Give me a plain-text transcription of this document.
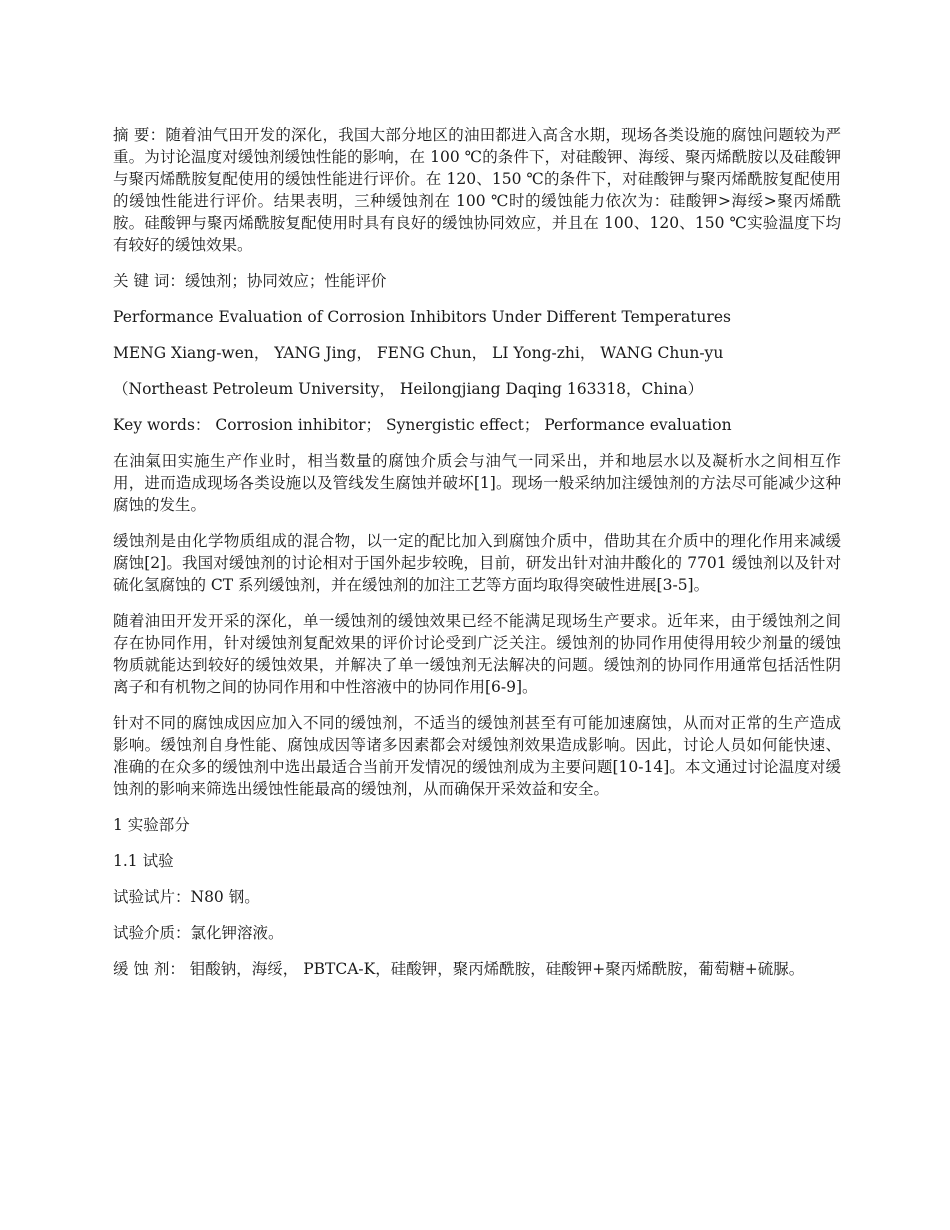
摘 要：随着油气田开发的深化，我国大部分地区的油田都进入高含水期，现场各类设施的腐蚀问题较为严重。为讨论温度对缓蚀剂缓蚀性能的影响，在 100 ℃的条件下，对硅酸钾、海绥、聚丙烯酰胺以及硅酸钾与聚丙烯酰胺复配使用的缓蚀性能进行评价。在 120、150 ℃的条件下，对硅酸钾与聚丙烯酰胺复配使用的缓蚀性能进行评价。结果表明，三种缓蚀剂在 100 ℃时的缓蚀能力依次为：硅酸钾>海绥>聚丙烯酰胺。硅酸钾与聚丙烯酰胺复配使用时具有良好的缓蚀协同效应，并且在 100、120、150 ℃实验温度下均有较好的缓蚀效果。

关 键 词：缓蚀剂；协同效应；性能评价

Performance Evaluation of Corrosion Inhibitors Under Different Temperatures

MENG Xiang-wen， YANG Jing， FENG Chun， LI Yong-zhi， WANG Chun-yu

（Northeast Petroleum University， Heilongjiang Daqing 163318，China）

Key words： Corrosion inhibitor； Synergistic effect； Performance evaluation

在油氣田实施生产作业时，相当数量的腐蚀介质会与油气一同采出，并和地层水以及凝析水之间相互作用，进而造成现场各类设施以及管线发生腐蚀并破坏[1]。现场一般采纳加注缓蚀剂的方法尽可能减少这种腐蚀的发生。

缓蚀剂是由化学物质组成的混合物，以一定的配比加入到腐蚀介质中，借助其在介质中的理化作用来减缓腐蚀[2]。我国对缓蚀剂的讨论相对于国外起步较晚，目前，研发出针对油井酸化的 7701 缓蚀剂以及针对硫化氢腐蚀的 CT 系列缓蚀剂，并在缓蚀剂的加注工艺等方面均取得突破性进展[3-5]。

随着油田开发开采的深化，单一缓蚀剂的缓蚀效果已经不能满足现场生产要求。近年来，由于缓蚀剂之间存在协同作用，针对缓蚀剂复配效果的评价讨论受到广泛关注。缓蚀剂的协同作用使得用较少剂量的缓蚀物质就能达到较好的缓蚀效果，并解决了单一缓蚀剂无法解决的问题。缓蚀剂的协同作用通常包括活性阴离子和有机物之间的协同作用和中性溶液中的协同作用[6-9]。

针对不同的腐蚀成因应加入不同的缓蚀剂，不适当的缓蚀剂甚至有可能加速腐蚀，从而对正常的生产造成影响。缓蚀剂自身性能、腐蚀成因等诸多因素都会对缓蚀剂效果造成影响。因此，讨论人员如何能快速、准确的在众多的缓蚀剂中选出最适合当前开发情况的缓蚀剂成为主要问题[10-14]。本文通过讨论温度对缓蚀剂的影响来筛选出缓蚀性能最高的缓蚀剂，从而确保开采效益和安全。

1 实验部分

1.1 试验

试验试片：N80 钢。

试验介质：氯化钾溶液。

缓 蚀 剂： 钼酸钠，海绥， PBTCA-K，硅酸钾，聚丙烯酰胺，硅酸钾+聚丙烯酰胺，葡萄糖+硫脲。
